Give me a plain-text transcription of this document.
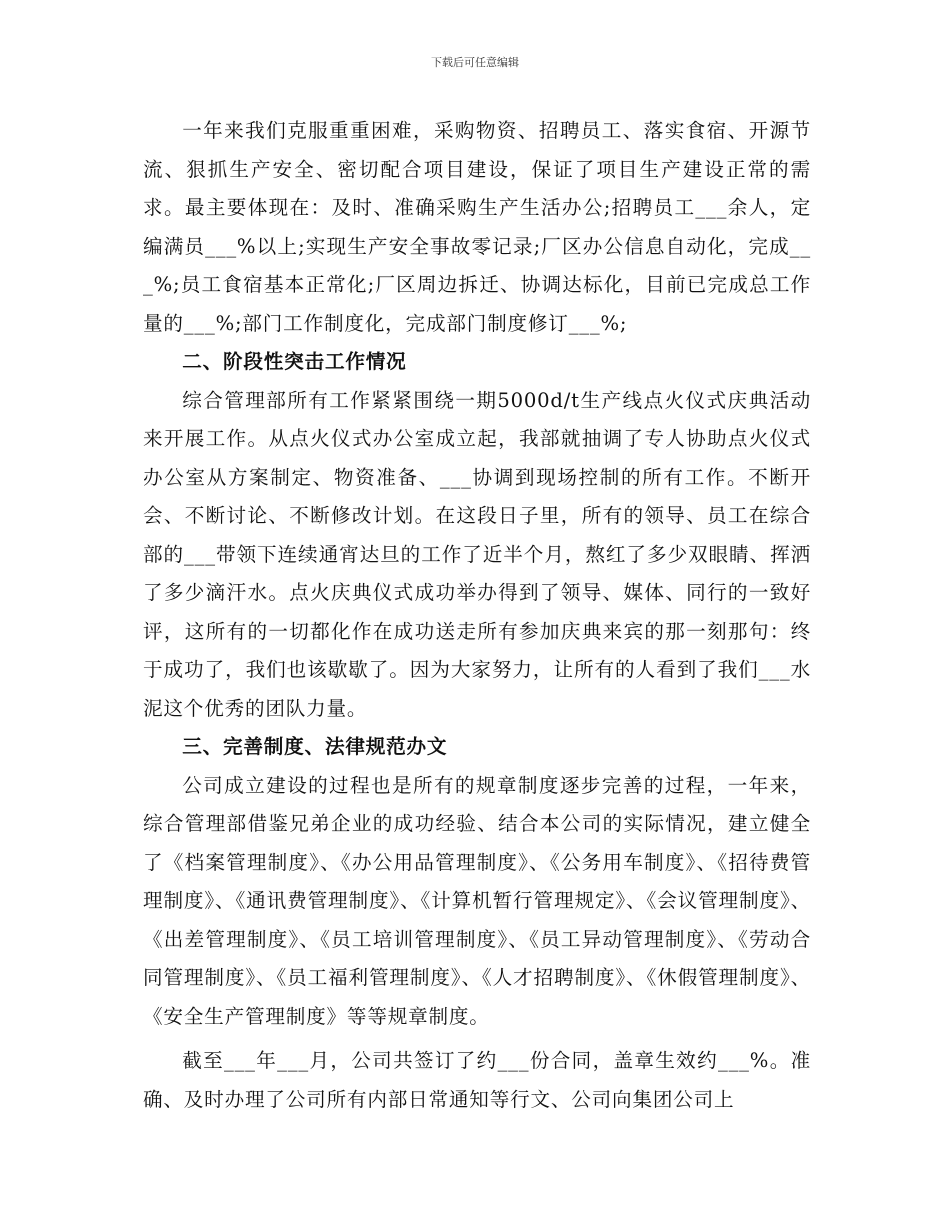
下载后可任意编辑

一年来我们克服重重困难，采购物资、招聘员工、落实食宿、开源节流、狠抓生产安全、密切配合项目建设，保证了项目生产建设正常的需求。最主要体现在：及时、准确采购生产生活办公;招聘员工___余人，定编满员___%以上;实现生产安全事故零记录;厂区办公信息自动化，完成___%;员工食宿基本正常化;厂区周边拆迁、协调达标化，目前已完成总工作量的___%;部门工作制度化，完成部门制度修订___%;

二、阶段性突击工作情况

综合管理部所有工作紧紧围绕一期5000d/t生产线点火仪式庆典活动来开展工作。从点火仪式办公室成立起，我部就抽调了专人协助点火仪式办公室从方案制定、物资准备、___协调到现场控制的所有工作。不断开会、不断讨论、不断修改计划。在这段日子里，所有的领导、员工在综合部的___带领下连续通宵达旦的工作了近半个月，熬红了多少双眼睛、挥洒了多少滴汗水。点火庆典仪式成功举办得到了领导、媒体、同行的一致好评，这所有的一切都化作在成功送走所有参加庆典来宾的那一刻那句：终于成功了，我们也该歇歇了。因为大家努力，让所有的人看到了我们___水泥这个优秀的团队力量。

三、完善制度、法律规范办文

公司成立建设的过程也是所有的规章制度逐步完善的过程，一年来，综合管理部借鉴兄弟企业的成功经验、结合本公司的实际情况，建立健全了《档案管理制度》、《办公用品管理制度》、《公务用车制度》、《招待费管理制度》、《通讯费管理制度》、《计算机暂行管理规定》、《会议管理制度》、《出差管理制度》、《员工培训管理制度》、《员工异动管理制度》、《劳动合同管理制度》、《员工福利管理制度》、《人才招聘制度》、《休假管理制度》、《安全生产管理制度》等等规章制度。

截至___年___月，公司共签订了约___份合同，盖章生效约___%。准确、及时办理了公司所有内部日常通知等行文、公司向集团公司上
